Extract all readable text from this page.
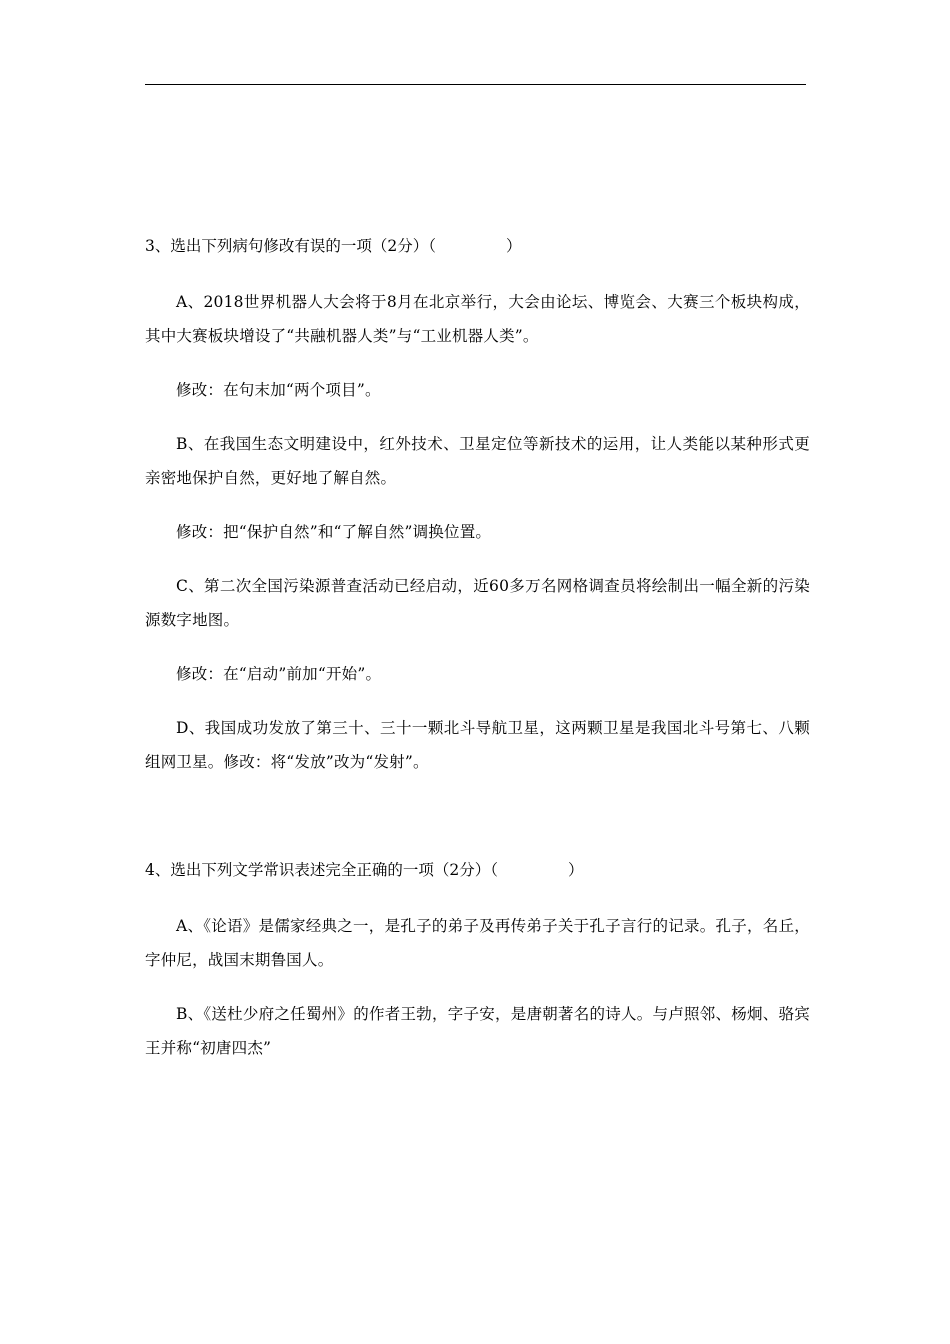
3、选出下列病句修改有误的一项（2分）（	）

A、2018世界机器人大会将于8月在北京举行，大会由论坛、博览会、大赛三个板块构成，其中大赛板块增设了“共融机器人类”与“工业机器人类”。

修改：在句末加“两个项目”。

B、在我国生态文明建设中，红外技术、卫星定位等新技术的运用，让人类能以某种形式更亲密地保护自然，更好地了解自然。

修改：把“保护自然”和“了解自然”调换位置。

C、第二次全国污染源普查活动已经启动，近60多万名网格调查员将绘制出一幅全新的污染源数字地图。

修改：在“启动”前加“开始”。

D、我国成功发放了第三十、三十一颗北斗导航卫星，这两颗卫星是我国北斗号第七、八颗组网卫星。修改：将“发放”改为“发射”。

4、选出下列文学常识表述完全正确的一项（2分）（	）

A、《论语》是儒家经典之一，是孔子的弟子及再传弟子关于孔子言行的记录。孔子，名丘，字仲尼，战国末期鲁国人。

B、《送杜少府之任蜀州》的作者王勃，字子安，是唐朝著名的诗人。与卢照邻、杨炯、骆宾王并称“初唐四杰”
